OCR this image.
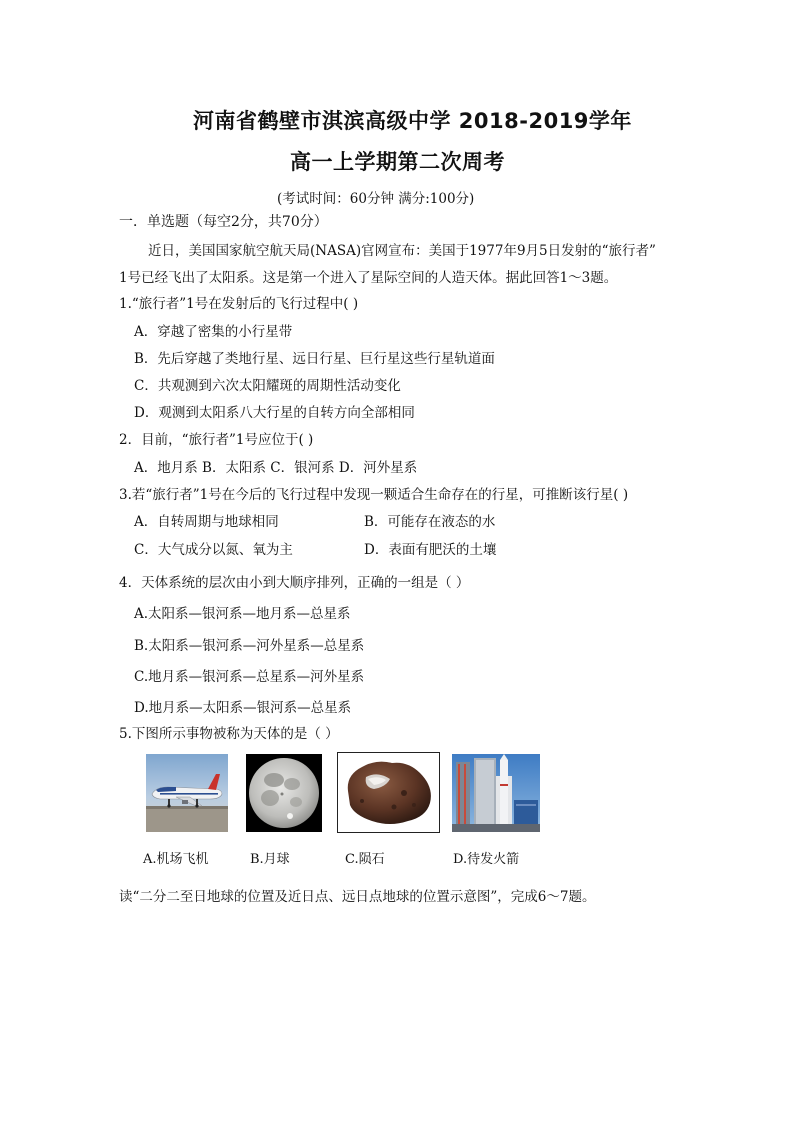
河南省鹤壁市淇滨高级中学 2018-2019学年
高一上学期第二次周考
(考试时间：60分钟 满分:100分)
一．单选题（每空2分，共70分）
近日，美国国家航空航天局(NASA)官网宣布：美国于1977年9月5日发射的“旅行者”
1号已经飞出了太阳系。这是第一个进入了星际空间的人造天体。据此回答1～3题。
1.“旅行者”1号在发射后的飞行过程中( )
A．穿越了密集的小行星带
B．先后穿越了类地行星、远日行星、巨行星这些行星轨道面
C．共观测到六次太阳耀斑的周期性活动变化
D．观测到太阳系八大行星的自转方向全部相同
2．目前，“旅行者”1号应位于( )
A．地月系 B．太阳系 C．银河系 D．河外星系
3.若“旅行者”1号在今后的飞行过程中发现一颗适合生命存在的行星，可推断该行星( )
A．自转周期与地球相同	B．可能存在液态的水
C．大气成分以氮、氧为主	D．表面有肥沃的土壤
4．天体系统的层次由小到大顺序排列，正确的一组是（ ）
A.太阳系—银河系—地月系—总星系
B.太阳系—银河系—河外星系—总星系
C.地月系—银河系—总星系—河外星系
D.地月系—太阳系—银河系—总星系
5.下图所示事物被称为天体的是（ ）
A.机场飞机	B.月球	C.陨石	D.待发火箭
读“二分二至日地球的位置及近日点、远日点地球的位置示意图”，完成6～7题。
